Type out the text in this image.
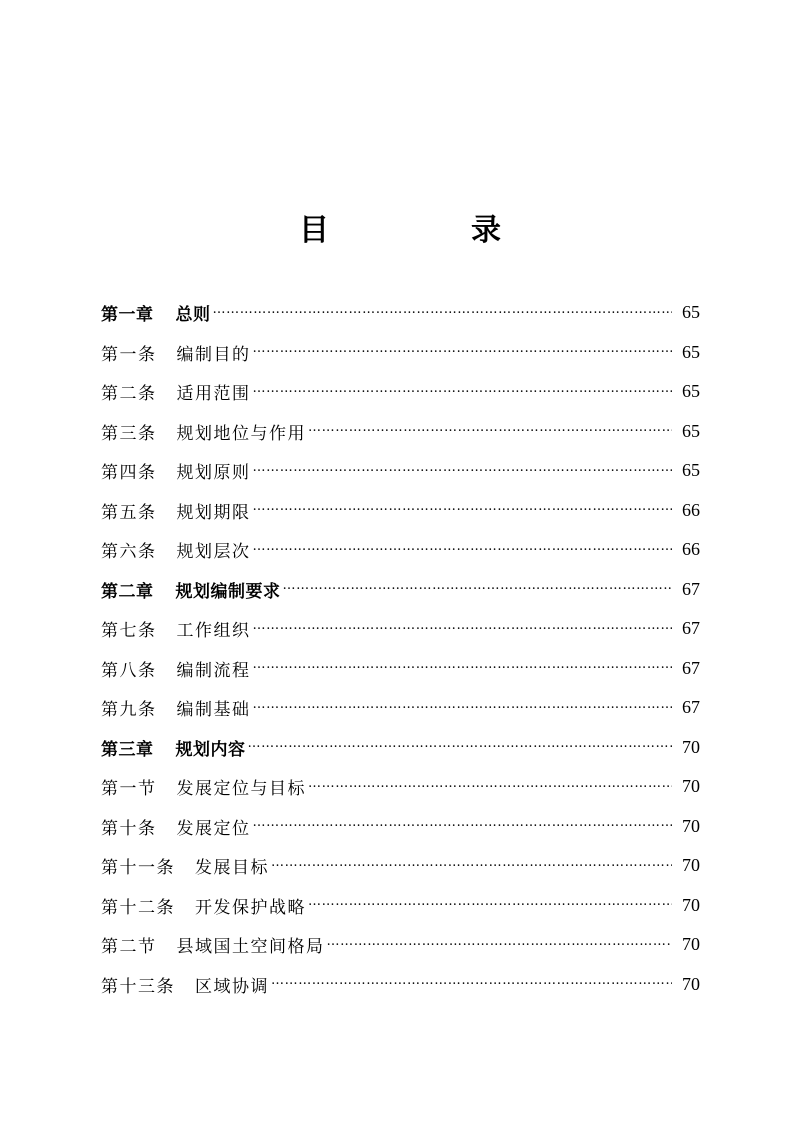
目　录
第一章 总则 …………………………………………………………………………………………………………………………………………………………………………………………	65
第一条 编制目的 …………………………………………………………………………………………………………………………………………………………………………………………	65
第二条 适用范围 …………………………………………………………………………………………………………………………………………………………………………………………	65
第三条 规划地位与作用 …………………………………………………………………………………………………………………………………………………………………………………………	65
第四条 规划原则 …………………………………………………………………………………………………………………………………………………………………………………………	65
第五条 规划期限 …………………………………………………………………………………………………………………………………………………………………………………………	66
第六条 规划层次 …………………………………………………………………………………………………………………………………………………………………………………………	66
第二章 规划编制要求 …………………………………………………………………………………………………………………………………………………………………………………………	67
第七条 工作组织 …………………………………………………………………………………………………………………………………………………………………………………………	67
第八条 编制流程 …………………………………………………………………………………………………………………………………………………………………………………………	67
第九条 编制基础 …………………………………………………………………………………………………………………………………………………………………………………………	67
第三章 规划内容 …………………………………………………………………………………………………………………………………………………………………………………………	70
第一节 发展定位与目标 …………………………………………………………………………………………………………………………………………………………………………………………	70
第十条 发展定位 …………………………………………………………………………………………………………………………………………………………………………………………	70
第十一条 发展目标 …………………………………………………………………………………………………………………………………………………………………………………………	70
第十二条 开发保护战略 …………………………………………………………………………………………………………………………………………………………………………………………	70
第二节 县域国土空间格局 …………………………………………………………………………………………………………………………………………………………………………………………	70
第十三条 区域协调 …………………………………………………………………………………………………………………………………………………………………………………………	70
